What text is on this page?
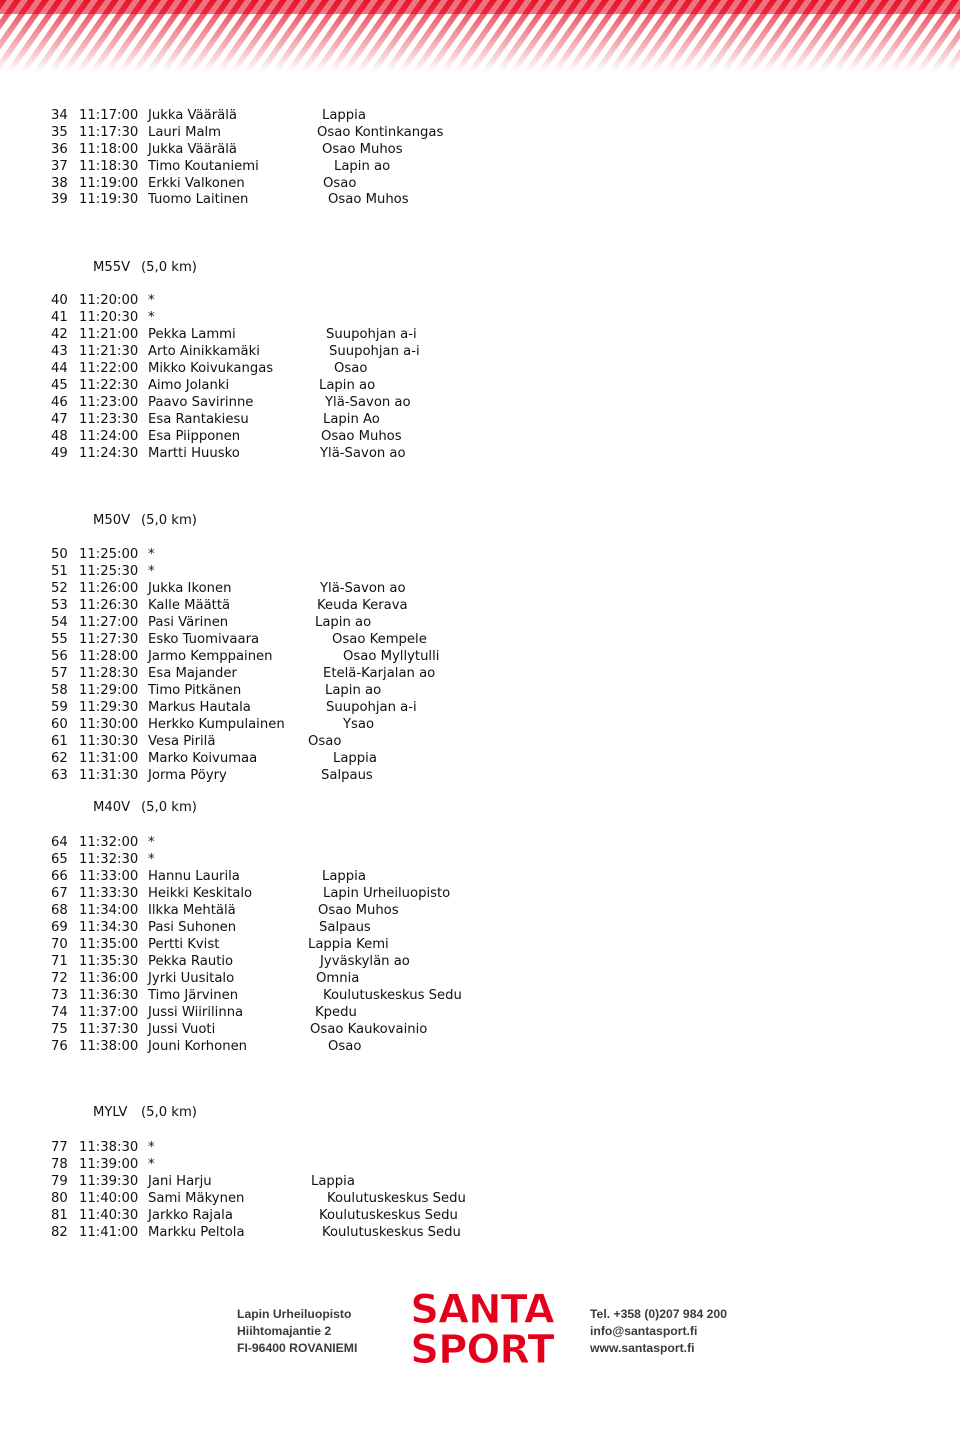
34 11:17:00 Jukka Väärälä	Lappia
35 11:17:30 Lauri Malm	Osao Kontinkangas
36 11:18:00 Jukka Väärälä	Osao Muhos
37 11:18:30 Timo Koutaniemi	Lapin ao
38 11:19:00 Erkki Valkonen	Osao
39 11:19:30 Tuomo Laitinen	Osao Muhos
M55V (5,0 km)
40 11:20:00 *
41 11:20:30 *
42 11:21:00 Pekka Lammi	Suupohjan a-i
43 11:21:30 Arto Ainikkamäki	Suupohjan a-i
44 11:22:00 Mikko Koivukangas	Osao
45 11:22:30 Aimo Jolanki	Lapin ao
46 11:23:00 Paavo Savirinne	Ylä-Savon ao
47 11:23:30 Esa Rantakiesu	Lapin Ao
48 11:24:00 Esa Piipponen	Osao Muhos
49 11:24:30 Martti Huusko	Ylä-Savon ao
M50V (5,0 km)
50 11:25:00 *
51 11:25:30 *
52 11:26:00 Jukka Ikonen	Ylä-Savon ao
53 11:26:30 Kalle Määttä	Keuda Kerava
54 11:27:00 Pasi Värinen	Lapin ao
55 11:27:30 Esko Tuomivaara	Osao Kempele
56 11:28:00 Jarmo Kemppainen	Osao Myllytulli
57 11:28:30 Esa Majander	Etelä-Karjalan ao
58 11:29:00 Timo Pitkänen	Lapin ao
59 11:29:30 Markus Hautala	Suupohjan a-i
60 11:30:00 Herkko Kumpulainen	Ysao
61 11:30:30 Vesa Pirilä	Osao
62 11:31:00 Marko Koivumaa	Lappia
63 11:31:30 Jorma Pöyry	Salpaus
M40V (5,0 km)
64 11:32:00 *
65 11:32:30 *
66 11:33:00 Hannu Laurila	Lappia
67 11:33:30 Heikki Keskitalo	Lapin Urheiluopisto
68 11:34:00 Ilkka Mehtälä	Osao Muhos
69 11:34:30 Pasi Suhonen	Salpaus
70 11:35:00 Pertti Kvist	Lappia Kemi
71 11:35:30 Pekka Rautio	Jyväskylän ao
72 11:36:00 Jyrki Uusitalo	Omnia
73 11:36:30 Timo Järvinen	Koulutuskeskus Sedu
74 11:37:00 Jussi Wiirilinna	Kpedu
75 11:37:30 Jussi Vuoti	Osao Kaukovainio
76 11:38:00 Jouni Korhonen	Osao
MYLV (5,0 km)
77 11:38:30 *
78 11:39:00 *
79 11:39:30 Jani Harju	Lappia
80 11:40:00 Sami Mäkynen	Koulutuskeskus Sedu
81 11:40:30 Jarkko Rajala	Koulutuskeskus Sedu
82 11:41:00 Markku Peltola	Koulutuskeskus Sedu
Lapin Urheiluopisto
Hiihtomajantie 2
FI-96400 ROVANIEMI
SANTA
SPORT
Tel. +358 (0)207 984 200
info@santasport.fi
www.santasport.fi
